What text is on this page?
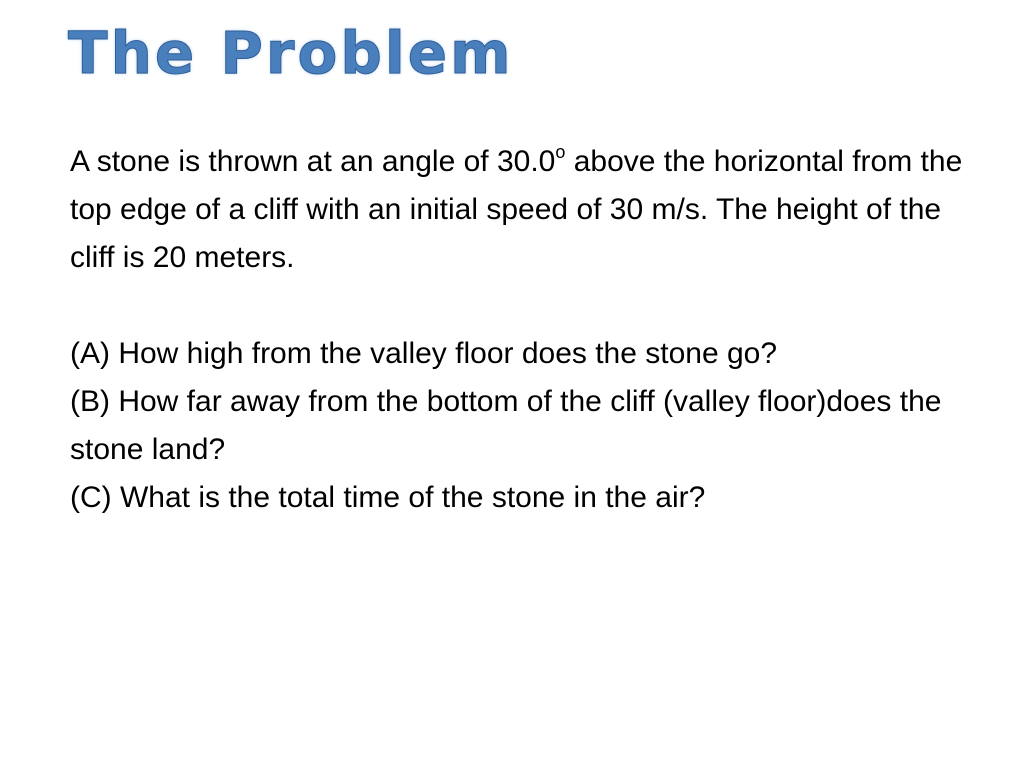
The Problem

A stone is thrown at an angle of 30.0$^o$ above the horizontal from the top edge of a cliff with an initial speed of 30 m/s. The height of the cliff is 20 meters.

(A) How high from the valley floor does the stone go?

(B) How far away from the bottom of the cliff (valley floor)does the stone land?

(C) What is the total time of the stone in the air?
